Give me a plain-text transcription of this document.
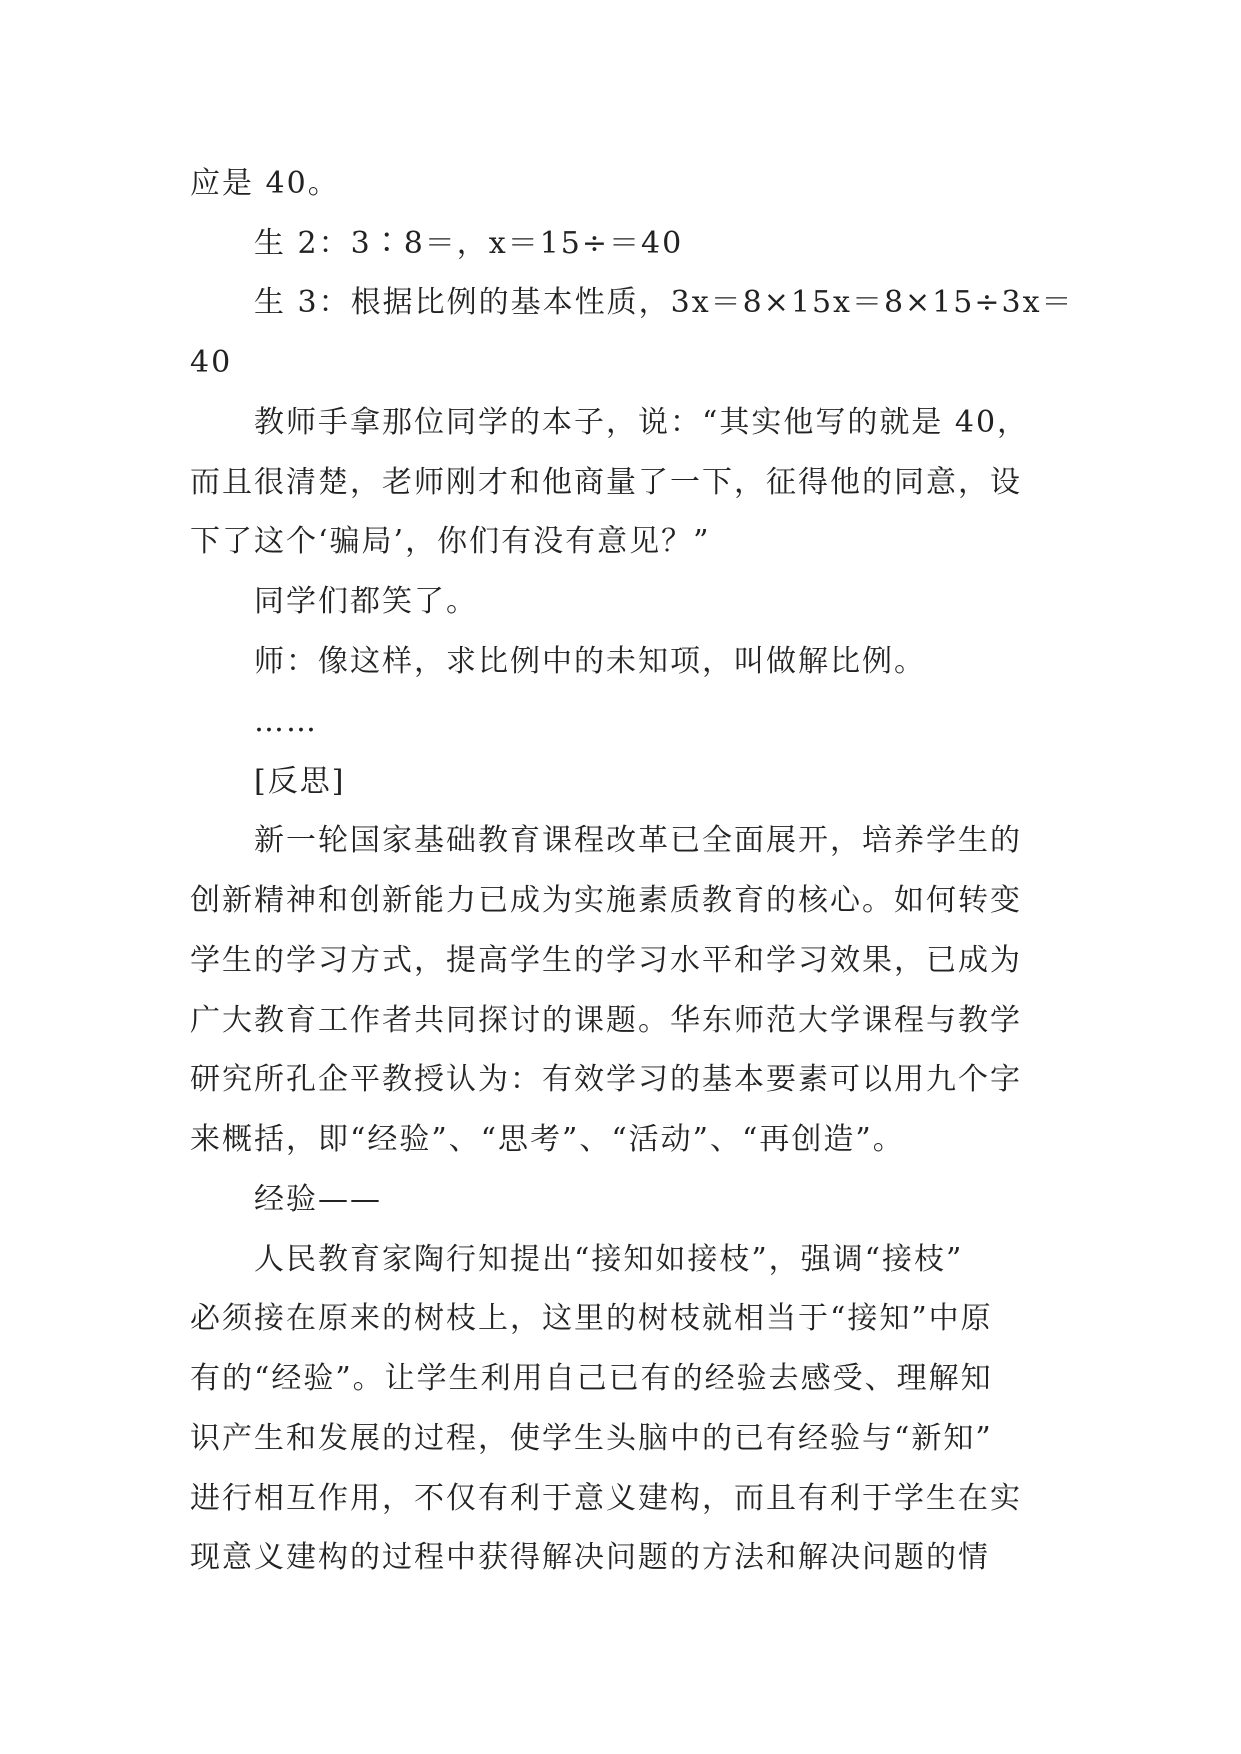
应是 40。
生 2：3∶8＝，x＝15÷＝40
生 3：根据比例的基本性质，3x＝8×15x＝8×15÷3x＝
40
教师手拿那位同学的本子，说：“其实他写的就是 40，
而且很清楚，老师刚才和他商量了一下，征得他的同意，设
下了这个‘骗局’，你们有没有意见？”
同学们都笑了。
师：像这样，求比例中的未知项，叫做解比例。
……
[反思]
新一轮国家基础教育课程改革已全面展开，培养学生的
创新精神和创新能力已成为实施素质教育的核心。如何转变
学生的学习方式，提高学生的学习水平和学习效果，已成为
广大教育工作者共同探讨的课题。华东师范大学课程与教学
研究所孔企平教授认为：有效学习的基本要素可以用九个字
来概括，即“经验”、“思考”、“活动”、“再创造”。
经验——
人民教育家陶行知提出“接知如接枝”，强调“接枝”
必须接在原来的树枝上，这里的树枝就相当于“接知”中原
有的“经验”。让学生利用自己已有的经验去感受、理解知
识产生和发展的过程，使学生头脑中的已有经验与“新知”
进行相互作用，不仅有利于意义建构，而且有利于学生在实
现意义建构的过程中获得解决问题的方法和解决问题的情
